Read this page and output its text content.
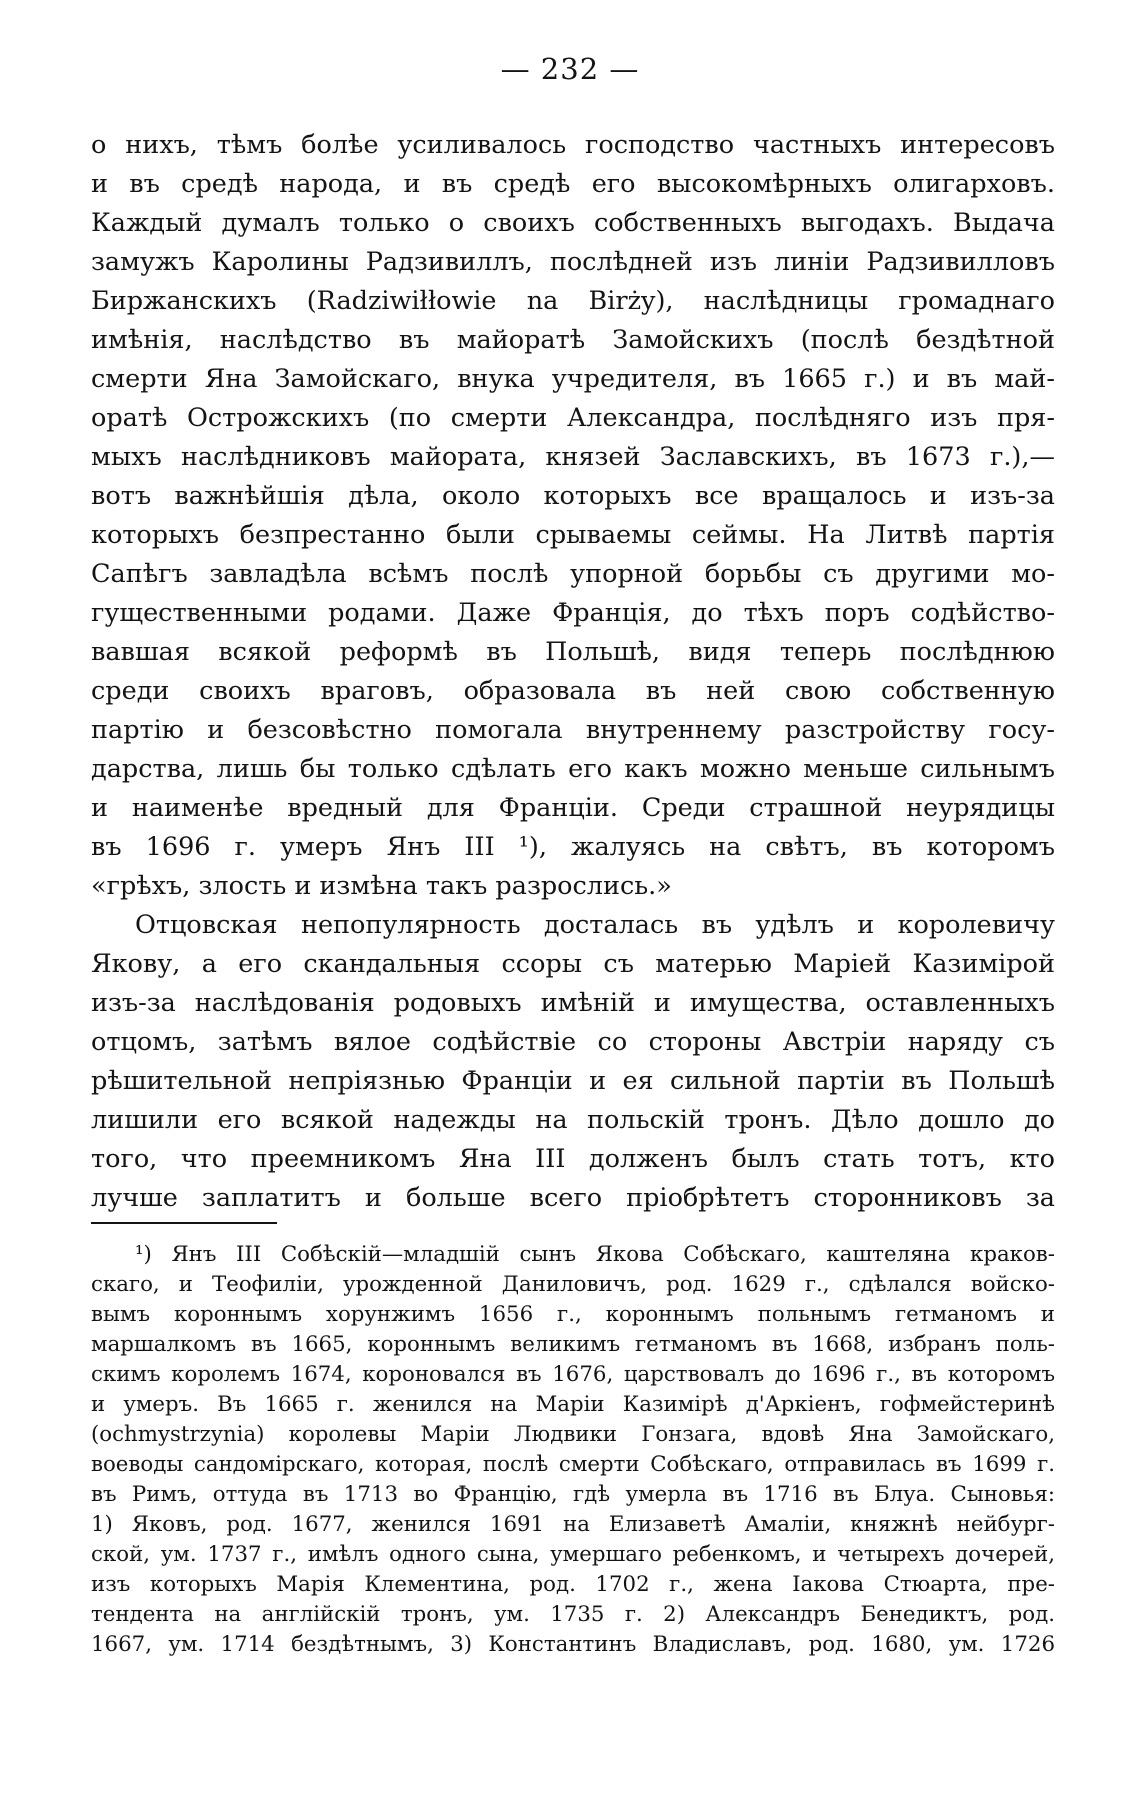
— 232 —
о нихъ, тѣмъ болѣе усиливалось господство частныхъ интересовъ
и въ средѣ народа, и въ средѣ его высокомѣрныхъ олигарховъ.
Каждый думалъ только о своихъ собственныхъ выгодахъ. Выдача
замужъ Каролины Радзивиллъ, послѣдней изъ линіи Радзивилловъ
Биржанскихъ (Radziwiłłowie na Birży), наслѣдницы громаднаго
имѣнія, наслѣдство въ майоратѣ Замойскихъ (послѣ бездѣтной
смерти Яна Замойскаго, внука учредителя, въ 1665 г.) и въ май-
оратѣ Острожскихъ (по смерти Александра, послѣдняго изъ пря-
мыхъ наслѣдниковъ майората, князей Заславскихъ, въ 1673 г.),—
вотъ важнѣйшія дѣла, около которыхъ все вращалось и изъ-за
которыхъ безпрестанно были срываемы сеймы. На Литвѣ партія
Сапѣгъ завладѣла всѣмъ послѣ упорной борьбы съ другими мо-
гущественными родами. Даже Франція, до тѣхъ поръ содѣйство-
вавшая всякой реформѣ въ Польшѣ, видя теперь послѣднюю
среди своихъ враговъ, образовала въ ней свою собственную
партію и безсовѣстно помогала внутреннему разстройству госу-
дарства, лишь бы только сдѣлать его какъ можно меньше сильнымъ
и наименѣе вредный для Франціи. Среди страшной неурядицы
въ 1696 г. умеръ Янъ III ¹), жалуясь на свѣтъ, въ которомъ
«грѣхъ, злость и измѣна такъ разрослись.»
Отцовская непопулярность досталась въ удѣлъ и королевичу
Якову, а его скандальныя ссоры съ матерью Маріей Казимірой
изъ-за наслѣдованія родовыхъ имѣній и имущества, оставленныхъ
отцомъ, затѣмъ вялое содѣйствіе со стороны Австріи наряду съ
рѣшительной непріязнью Франціи и ея сильной партіи въ Польшѣ
лишили его всякой надежды на польскій тронъ. Дѣло дошло до
того, что преемникомъ Яна III долженъ былъ стать тотъ, кто
лучше заплатитъ и больше всего пріобрѣтетъ сторонниковъ за
¹) Янъ III Собѣскій—младшій сынъ Якова Собѣскаго, каштеляна краков-
скаго, и Теофиліи, урожденной Даниловичъ, род. 1629 г., сдѣлался войско-
вымъ короннымъ хорунжимъ 1656 г., короннымъ польнымъ гетманомъ и
маршалкомъ въ 1665, короннымъ великимъ гетманомъ въ 1668, избранъ поль-
скимъ королемъ 1674, короновался въ 1676, царствовалъ до 1696 г., въ которомъ
и умеръ. Въ 1665 г. женился на Маріи Казимірѣ д'Аркіенъ, гофмейстеринѣ
(ochmystrzynia) королевы Маріи Людвики Гонзага, вдовѣ Яна Замойскаго,
воеводы сандомірскаго, которая, послѣ смерти Собѣскаго, отправилась въ 1699 г.
въ Римъ, оттуда въ 1713 во Францію, гдѣ умерла въ 1716 въ Блуа. Сыновья:
1) Яковъ, род. 1677, женился 1691 на Елизаветѣ Амаліи, княжнѣ нейбург-
ской, ум. 1737 г., имѣлъ одного сына, умершаго ребенкомъ, и четырехъ дочерей,
изъ которыхъ Марія Клементина, род. 1702 г., жена Іакова Стюарта, пре-
тендента на англійскій тронъ, ум. 1735 г. 2) Александръ Бенедиктъ, род.
1667, ум. 1714 бездѣтнымъ, 3) Константинъ Владиславъ, род. 1680, ум. 1726
